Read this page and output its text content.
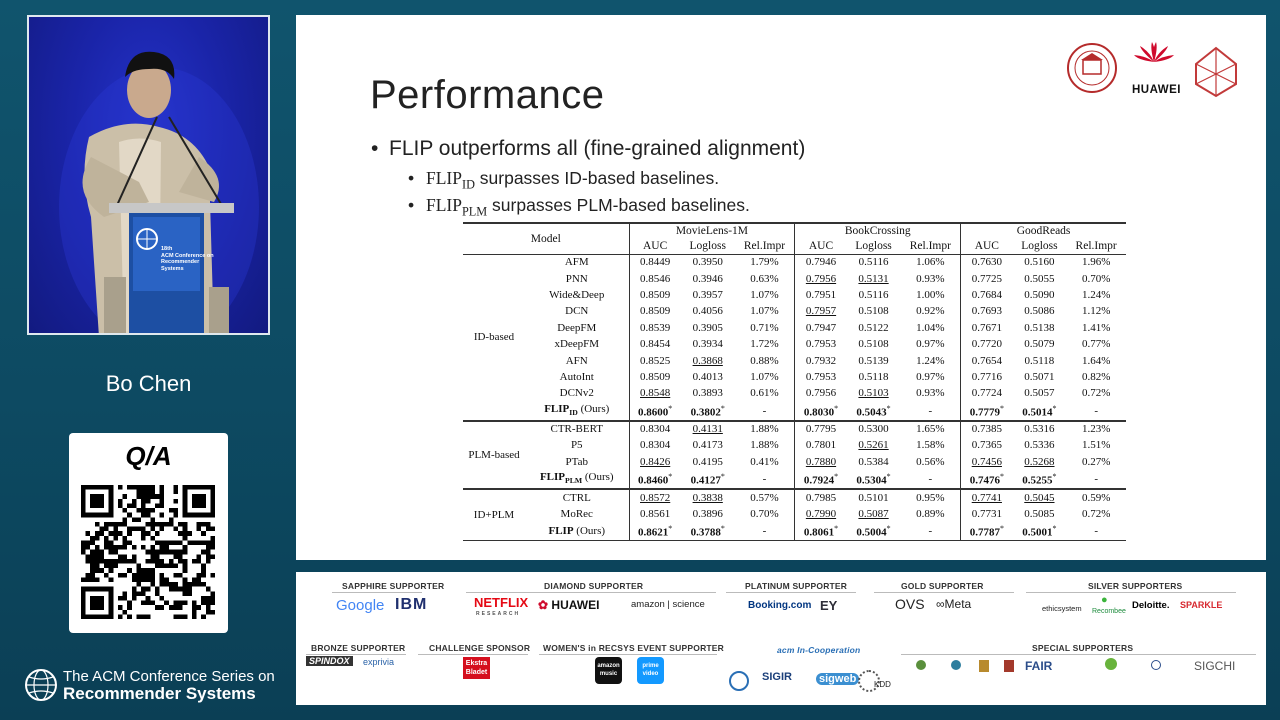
18th
ACM Conference on
Recommender
Systems
Bo Chen
Q/A
Performance	HUAWEI
• FLIP outperforms all (fine-grained alignment)
• $FLIP_{ID}$ surpasses ID-based baselines.
• $FLIP_{PLM}$ surpasses PLM-based baselines.
Model		MovieLens-1M			BookCrossing			GoodReads		
		AUC	Logloss	Rel.Impr	AUC	Logloss	Rel.Impr	AUC	Logloss	Rel.Impr
ID-based	AFM	0.8449	0.3950	1.79%	0.7946	0.5116	1.06%	0.7630	0.5160	1.96%
	PNN	0.8546	0.3946	0.63%	0.7956	0.5131	0.93%	0.7725	0.5055	0.70%
	Wide&Deep	0.8509	0.3957	1.07%	0.7951	0.5116	1.00%	0.7684	0.5090	1.24%
	DCN	0.8509	0.4056	1.07%	0.7957	0.5108	0.92%	0.7693	0.5086	1.12%
	DeepFM	0.8539	0.3905	0.71%	0.7947	0.5122	1.04%	0.7671	0.5138	1.41%
	xDeepFM	0.8454	0.3934	1.72%	0.7953	0.5108	0.97%	0.7720	0.5079	0.77%
	AFN	0.8525	0.3868	0.88%	0.7932	0.5139	1.24%	0.7654	0.5118	1.64%
	AutoInt	0.8509	0.4013	1.07%	0.7953	0.5118	0.97%	0.7716	0.5071	0.82%
	DCNv2	0.8548	0.3893	0.61%	0.7956	0.5103	0.93%	0.7724	0.5057	0.72%
	$FLIP_{ID}$ (Ours)	0.8600*	0.3802*	-	0.8030*	0.5043*	-	0.7779*	0.5014*	-
PLM-based	CTR-BERT	0.8304	0.4131	1.88%	0.7795	0.5300	1.65%	0.7385	0.5316	1.23%
	P5	0.8304	0.4173	1.88%	0.7801	0.5261	1.58%	0.7365	0.5336	1.51%
	PTab	0.8426	0.4195	0.41%	0.7880	0.5384	0.56%	0.7456	0.5268	0.27%
	$FLIP_{PLM}$ (Ours)	0.8460*	0.4127*	-	0.7924*	0.5304*	-	0.7476*	0.5255*	-
ID+PLM	CTRL	0.8572	0.3838	0.57%	0.7985	0.5101	0.95%	0.7741	0.5045	0.59%
	MoRec	0.8561	0.3896	0.70%	0.7990	0.5087	0.89%	0.7731	0.5085	0.72%
	FLIP (Ours)	0.8621*	0.3788*	-	0.8061*	0.5004*	-	0.7787*	0.5001*	-
SAPPHIRE SUPPORTER	DIAMOND SUPPORTER	PLATINUM SUPPORTER	GOLD SUPPORTER	SILVER SUPPORTERS
Google IBM	NETFLIX
RESEARCH
✿ HUAWEI	amazon | science	Booking.com EY	OVS ∞Meta	ethicsystem Recombee
●	Deloitte. SPARKLE
BRONZE SUPPORTER	CHALLENGE SPONSOR WOMEN'S in RECSYS EVENT SUPPORTER	acm In-Cooperation	SPECIAL SUPPORTERS
SPINDOX	exprivia	Ekstra Bladet
amazon music
prime video	SIGIR sigweb	KDD
FAIR	SIGCHI
The ACM Conference Series on
Recommender Systems
